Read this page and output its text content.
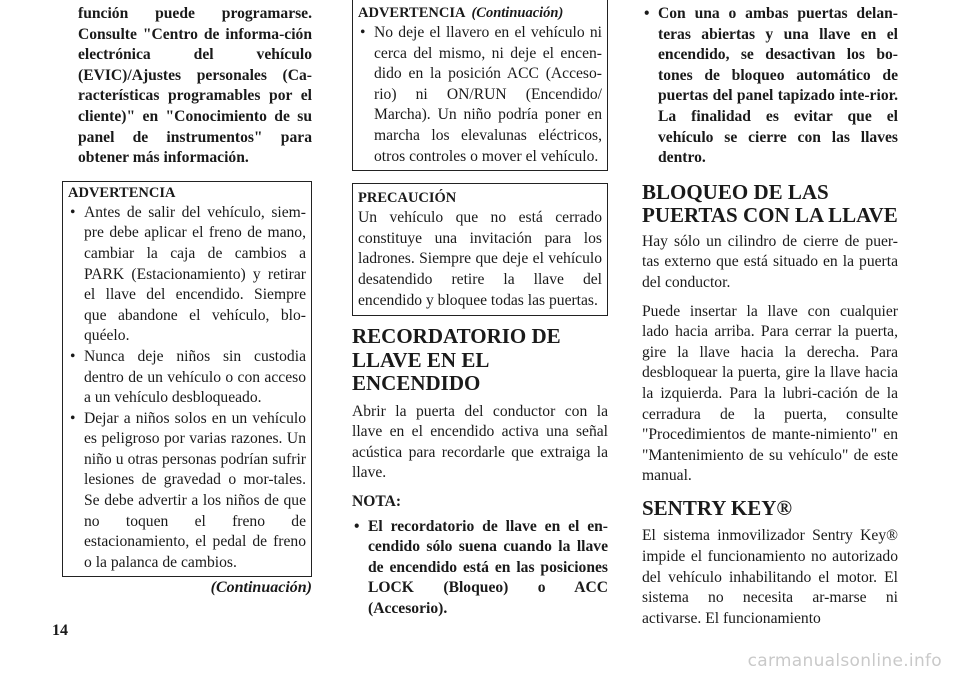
función puede programarse. Consulte "Centro de informa-ción electrónica del vehículo (EVIC)/Ajustes personales (Ca-racterísticas programables por el cliente)" en "Conocimiento de su panel de instrumentos" para obtener más información.

ADVERTENCIA
• Antes de salir del vehículo, siem-pre debe aplicar el freno de mano, cambiar la caja de cambios a PARK (Estacionamiento) y retirar el llave del encendido. Siempre que abandone el vehículo, blo-quéelo.
• Nunca deje niños sin custodia dentro de un vehículo o con acceso a un vehículo desbloqueado.
• Dejar a niños solos en un vehículo es peligroso por varias razones. Un niño u otras personas podrían sufrir lesiones de gravedad o mor-tales. Se debe advertir a los niños de que no toquen el freno de estacionamiento, el pedal de freno o la palanca de cambios.
(Continuación)
ADVERTENCIA (Continuación)
• No deje el llavero en el vehículo ni cerca del mismo, ni deje el encen-dido en la posición ACC (Acceso-rio) ni ON/RUN (Encendido/ Marcha). Un niño podría poner en marcha los elevalunas eléctricos, otros controles o mover el vehículo.
PRECAUCIÓN

Un vehículo que no está cerrado constituye una invitación para los ladrones. Siempre que deje el vehículo desatendido retire la llave del encendido y bloquee todas las puertas.

RECORDATORIO DE LLAVE EN EL ENCENDIDO

Abrir la puerta del conductor con la llave en el encendido activa una señal acústica para recordarle que extraiga la llave.

NOTA:

• El recordatorio de llave en el en-cendido sólo suena cuando la llave de encendido está en las posiciones LOCK (Bloqueo) o ACC (Accesorio).
• Con una o ambas puertas delan-teras abiertas y una llave en el encendido, se desactivan los bo-tones de bloqueo automático de puertas del panel tapizado inte-rior. La finalidad es evitar que el vehículo se cierre con las llaves dentro.
BLOQUEO DE LAS PUERTAS CON LA LLAVE

Hay sólo un cilindro de cierre de puer-tas externo que está situado en la puerta del conductor.

Puede insertar la llave con cualquier lado hacia arriba. Para cerrar la puerta, gire la llave hacia la derecha. Para desbloquear la puerta, gire la llave hacia la izquierda. Para la lubri-cación de la cerradura de la puerta, consulte "Procedimientos de mante-nimiento" en "Mantenimiento de su vehículo" de este manual.

SENTRY KEY®

El sistema inmovilizador Sentry Key® impide el funcionamiento no autorizado del vehículo inhabilitando el motor. El sistema no necesita ar-marse ni activarse. El funcionamiento

14
carmanualsonline.info
